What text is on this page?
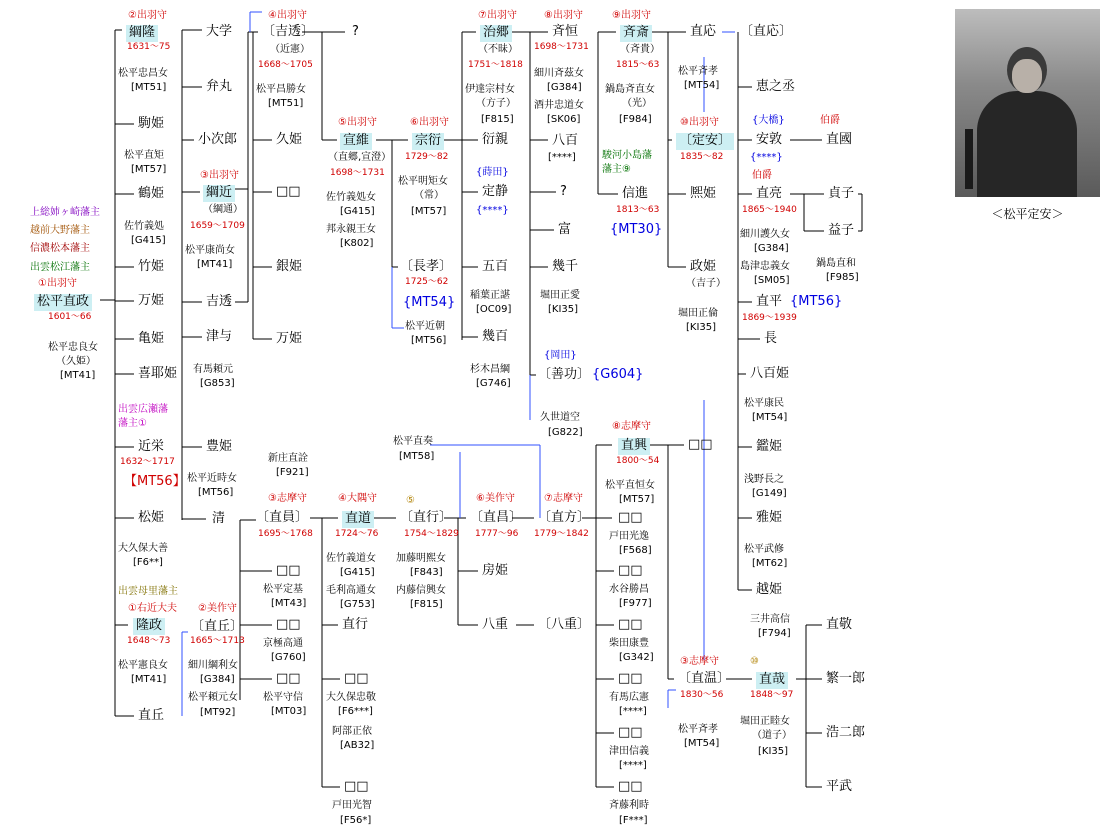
②出羽守	④出羽守	⑦出羽守	⑧出羽守	⑨出羽守
綱隆
1631〜75
松平忠昌女
[MT51]
駒姫
松平直矩
[MT57]
鶴姫
佐竹義処
[G415]
竹姫
万姫
亀姫
喜耶姫
出雲広瀬藩
藩主①
近栄
1632〜1717
【MT56】
松姫
大久保大善
[F6**]
出雲母里藩主
①右近大夫
隆政
1648〜73
松平憲良女
[MT41]
直丘
上総姉ヶ崎藩主
越前大野藩主
信濃松本藩主
出雲松江藩主
①出羽守
松平直政
1601〜66
松平忠良女
（久姫）
[MT41]
大学
弁丸
小次郎
③出羽守
綱近
（綱通）
1659〜1709
松平康尚女
[MT41]
吉透
津与
有馬頼元
[G853]
豊姫
松平近時女
[MT56]
清
②美作守
〔直丘〕
1665〜1713
細川綱利女
[G384]
松平頼元女
[MT92]
〔吉透〕
（近憲）
1668〜1705
松平昌勝女
[MT51]
久姫
□□
銀姫
万姫
新庄直詮
[F921]
③志摩守
〔直員〕
1695〜1768
□□
松平定基
[MT43]
□□
京極高通
[G760]
□□
松平守信
[MT03]
?
⑤出羽守
宣維
（直郷,宣澄）
1698〜1731
佐竹義処女
[G415]
邦永親王女
[K802]
④大隅守
直道
1724〜76
佐竹義道女
[G415]
毛利高通女
[G753]
直行
□□
大久保忠敬
[F6***]
阿部正依
[AB32]
□□
戸田光智
[F56*]
⑥出羽守
宗衍
1729〜82
松平明矩女
（常）
[MT57]
〔長孝〕
1725〜62
{MT54}
松平近朝
[MT56]
松平直奏
[MT58]
⑤
〔直行〕
1754〜1829
加藤明熙女
[F843]
内藤信興女
[F815]
治郷
（不昧）
1751〜1818
伊達宗村女
（方子）
[F815]
衍親
{蒔田}
定静
{****}
五百
稲葉正諶
[OC09]
幾百
杉木昌綱
[G746]
⑥美作守
〔直昌〕
1777〜96
房姫
八重
斉恒
1698〜1731
細川斉茲女
[G384]
酒井忠道女
[SK06]
八百
[****]
?
富
幾千
堀田正愛
[KI35]
{岡田}
〔善功〕 {G604}
久世道空
[G822]
⑦志摩守
〔直方〕
1779〜1842
〔八重〕
斉斎
（斉貴）
1815〜63
鍋島斉直女
（光）
[F984]
駿河小島藩
藩主⑨
信進
1813〜63
{MT30}
⑧志摩守
直興
1800〜54
松平直恒女
[MT57]
□□
戸田光逸
[F568]
□□
水谷勝昌
[F977]
□□
柴田康豊
[G342]
□□
有馬広憲
[****]
□□
津田信義
[****]
□□
斉藤利時
[F***]
直応
松平斉孝
[MT54]
⑩出羽守
〔定安〕
1835〜82
熈姫
政姫
（吉子）
堀田正倫
[KI35]
□□
③志摩守
〔直温〕
1830〜56
松平斉孝
[MT54]
〔直応〕
恵之丞
{大橋}
安敦
{****}
伯爵
直亮
1865〜1940
細川護久女
[G384]
島津忠義女
[SM05]
直平 {MT56}
1869〜1939
長
八百姫
松平康民
[MT54]
鑑姫
浅野長之
[G149]
雅姫
松平武修
[MT62]
越姫
三井高信
[F794]
⑩
直哉
1848〜97
堀田正睦女
（道子）
[KI35]
伯爵
直國
貞子
益子
鍋島直和
[F985]
直敬
繁一郎
浩二郎
平武
＜松平定安＞
